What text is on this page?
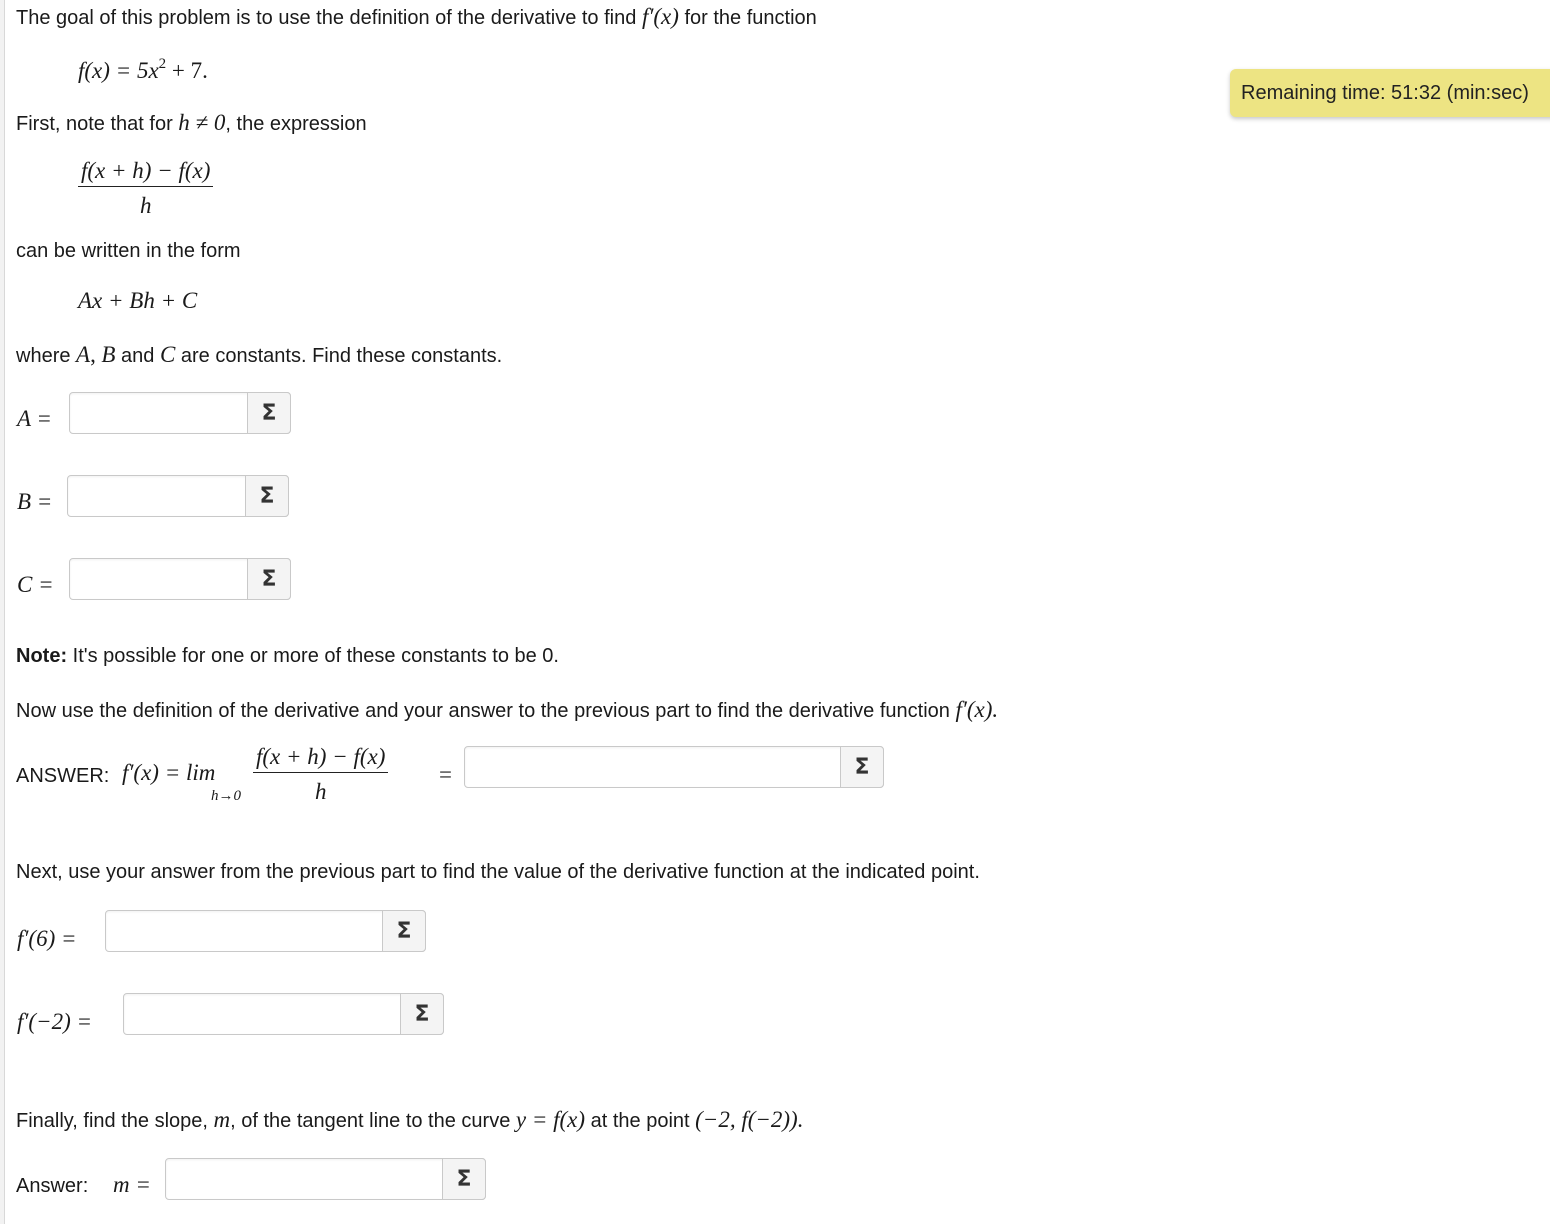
The goal of this problem is to use the definition of the derivative to find f′(x) for the function
$f(x) = 5x^2 + 7$.
First, note that for h ≠ 0, the expression
$\frac{f(x + h) - f(x)}{h}$
can be written in the form
Ax + Bh + C
where A, B and C are constants. Find these constants.
A =	Σ
B =	Σ
C =	Σ
Note: It's possible for one or more of these constants to be 0.
Now use the definition of the derivative and your answer to the previous part to find the derivative function f′(x).
ANSWER: f′(x) = lim
$h\to 0 \frac{f(x + h) - f(x)}{h}$ =	Σ
Next, use your answer from the previous part to find the value of the derivative function at the indicated point.
f′(6) =	Σ
f′(−2) =	Σ
Finally, find the slope, m, of the tangent line to the curve y = f(x) at the point (−2, f(−2)).
Answer: m =	Σ
Remaining time: 51:32 (min:sec)
